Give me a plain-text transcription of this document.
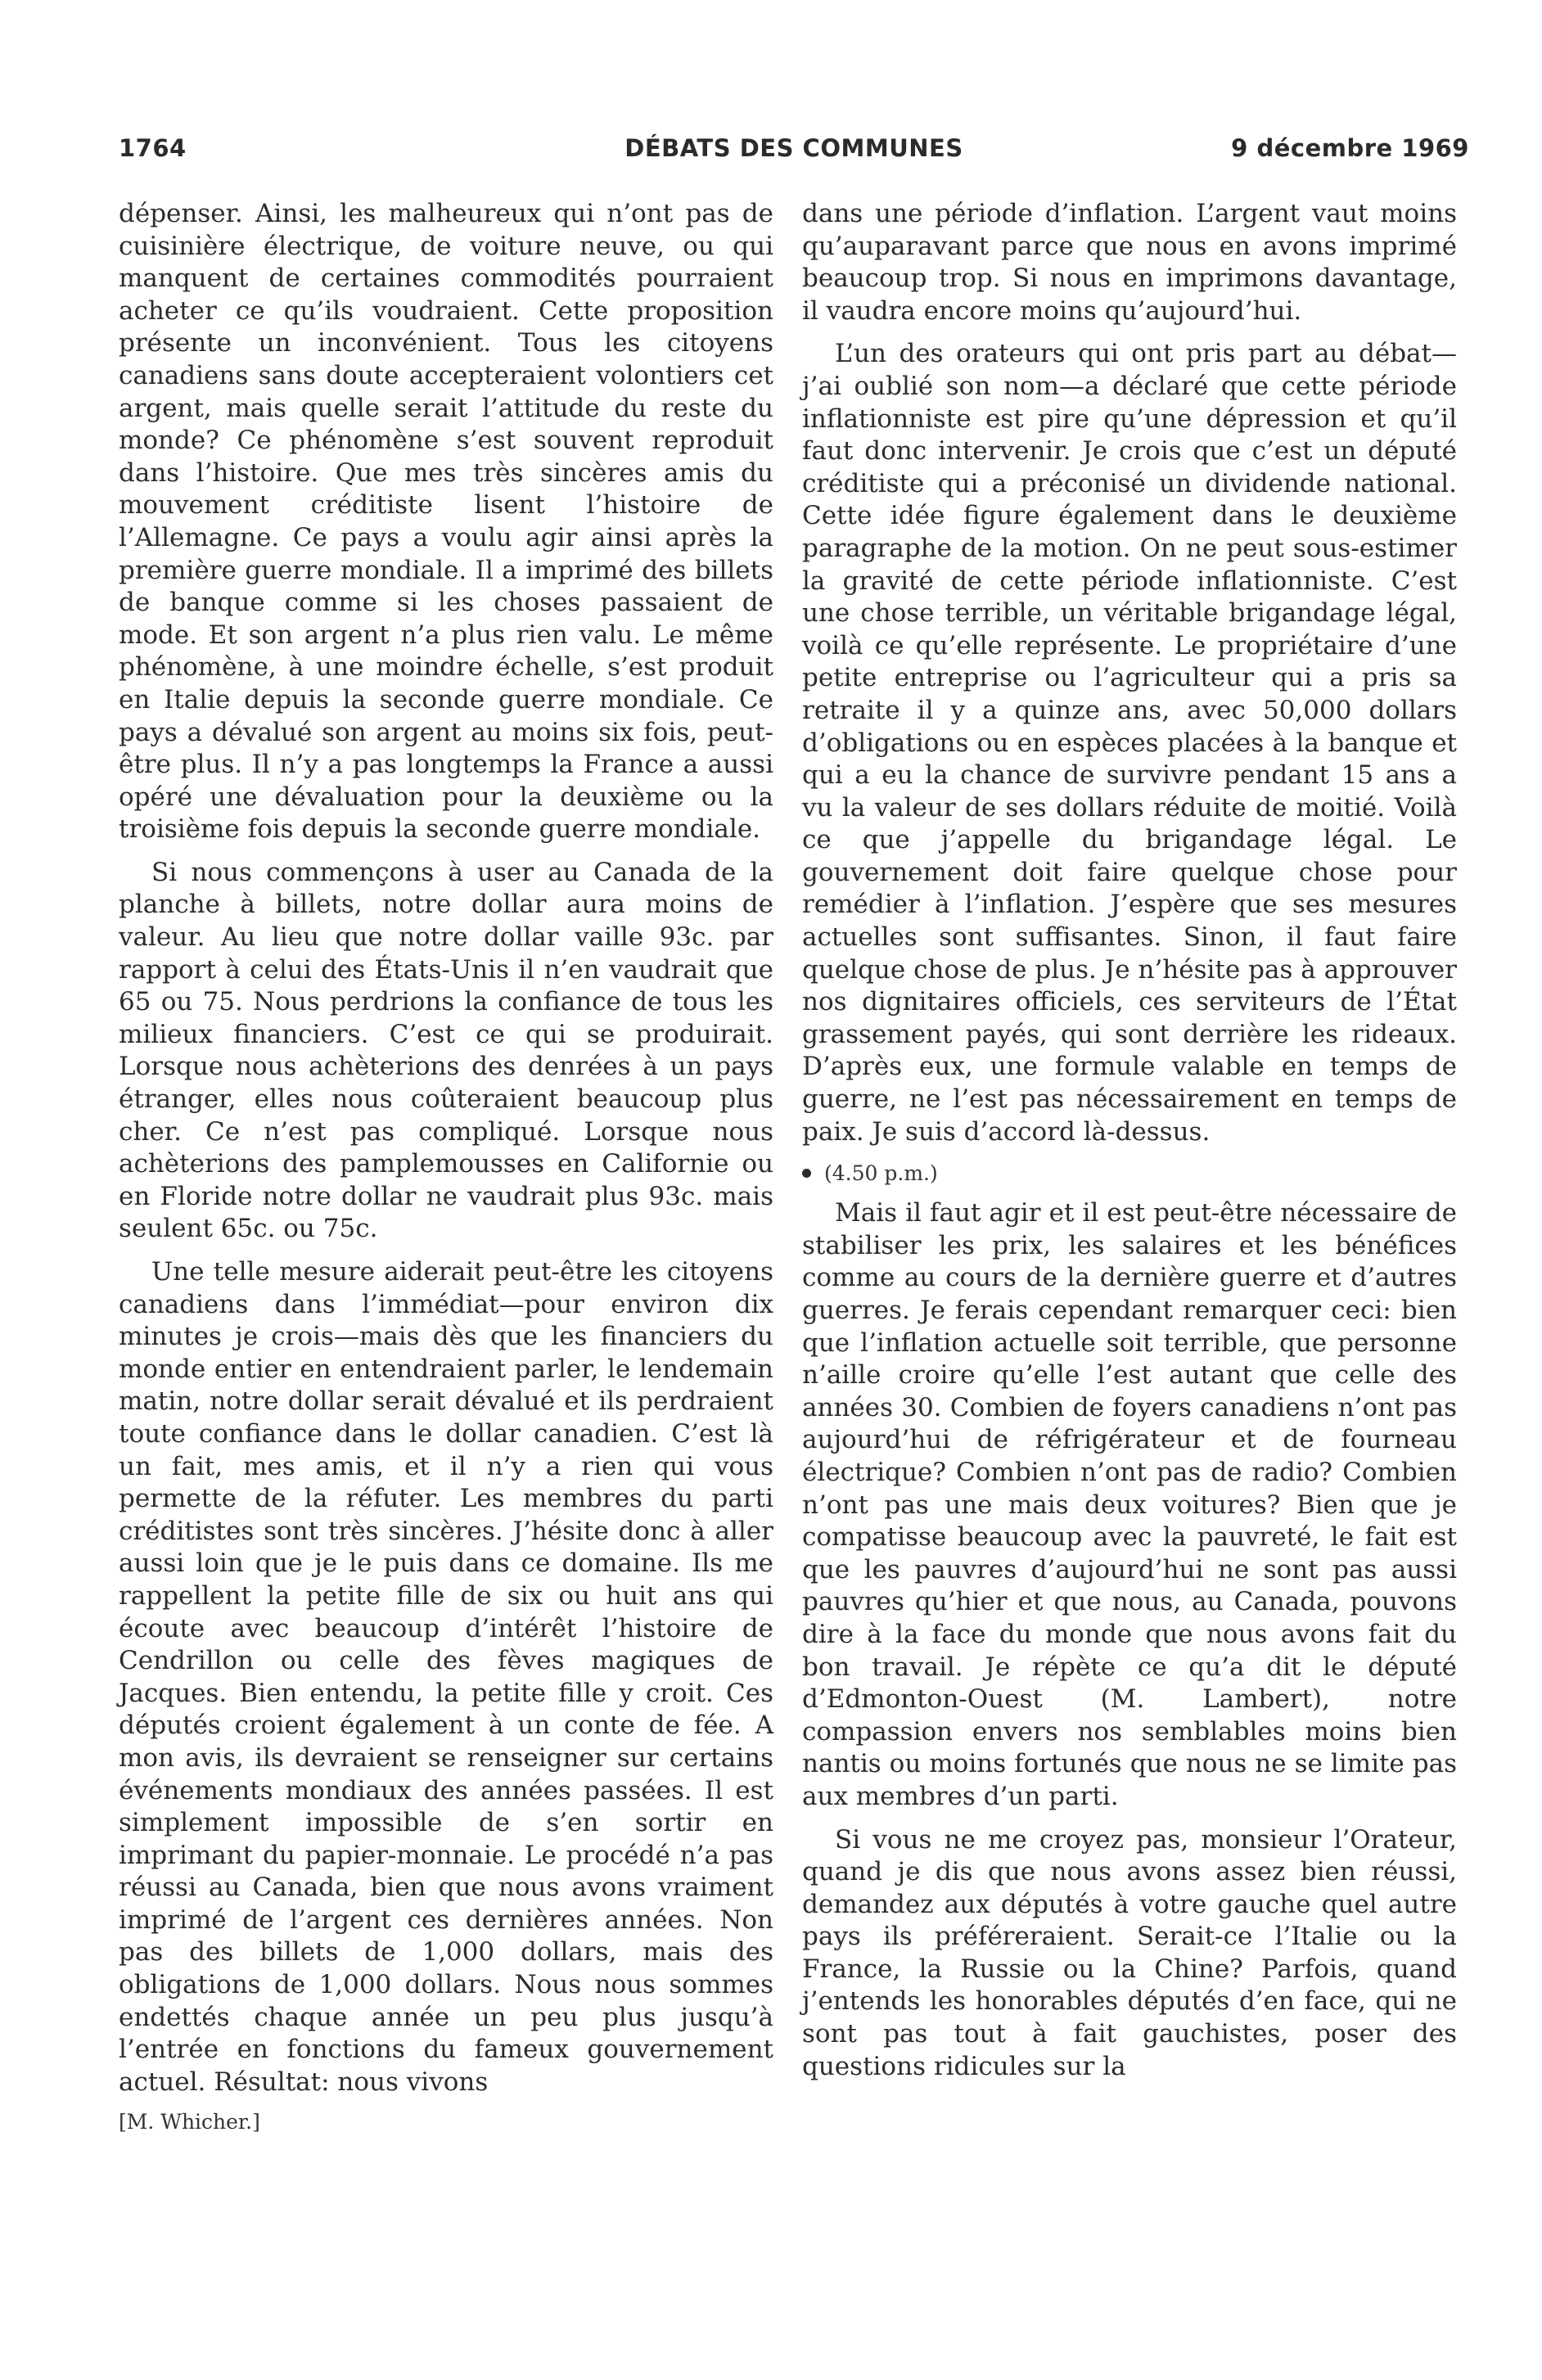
1764	DÉBATS DES COMMUNES	9 décembre 1969

dépenser. Ainsi, les malheureux qui n’ont pas de cuisinière électrique, de voiture neuve, ou qui manquent de certaines commodités pourraient acheter ce qu’ils voudraient. Cette proposition présente un inconvénient. Tous les citoyens canadiens sans doute accepteraient volontiers cet argent, mais quelle serait l’attitude du reste du monde? Ce phénomène s’est souvent reproduit dans l’histoire. Que mes très sincères amis du mouvement créditiste lisent l’histoire de l’Allemagne. Ce pays a voulu agir ainsi après la première guerre mondiale. Il a imprimé des billets de banque comme si les choses passaient de mode. Et son argent n’a plus rien valu. Le même phénomène, à une moindre échelle, s’est produit en Italie depuis la seconde guerre mondiale. Ce pays a dévalué son argent au moins six fois, peut-être plus. Il n’y a pas longtemps la France a aussi opéré une dévaluation pour la deuxième ou la troisième fois depuis la seconde guerre mondiale.

Si nous commençons à user au Canada de la planche à billets, notre dollar aura moins de valeur. Au lieu que notre dollar vaille 93c. par rapport à celui des États-Unis il n’en vaudrait que 65 ou 75. Nous perdrions la confiance de tous les milieux financiers. C’est ce qui se produirait. Lorsque nous achèterions des denrées à un pays étranger, elles nous coûteraient beaucoup plus cher. Ce n’est pas compliqué. Lorsque nous achèterions des pamplemousses en Californie ou en Floride notre dollar ne vaudrait plus 93c. mais seulent 65c. ou 75c.

Une telle mesure aiderait peut-être les citoyens canadiens dans l’immédiat—pour environ dix minutes je crois—mais dès que les financiers du monde entier en entendraient parler, le lendemain matin, notre dollar serait dévalué et ils perdraient toute confiance dans le dollar canadien. C’est là un fait, mes amis, et il n’y a rien qui vous permette de la réfuter. Les membres du parti créditistes sont très sincères. J’hésite donc à aller aussi loin que je le puis dans ce domaine. Ils me rappellent la petite fille de six ou huit ans qui écoute avec beaucoup d’intérêt l’histoire de Cendrillon ou celle des fèves magiques de Jacques. Bien entendu, la petite fille y croit. Ces députés croient également à un conte de fée. A mon avis, ils devraient se renseigner sur certains événements mondiaux des années passées. Il est simplement impossible de s’en sortir en imprimant du papier-monnaie. Le procédé n’a pas réussi au Canada, bien que nous avons vraiment imprimé de l’argent ces dernières années. Non pas des billets de 1,000 dollars, mais des obligations de 1,000 dollars. Nous nous sommes endettés chaque année un peu plus jusqu’à l’entrée en fonctions du fameux gouvernement actuel. Résultat: nous vivons

[M. Whicher.]

dans une période d’inflation. L’argent vaut moins qu’auparavant parce que nous en avons imprimé beaucoup trop. Si nous en imprimons davantage, il vaudra encore moins qu’aujourd’hui.

L’un des orateurs qui ont pris part au débat—j’ai oublié son nom—a déclaré que cette période inflationniste est pire qu’une dépression et qu’il faut donc intervenir. Je crois que c’est un député créditiste qui a préconisé un dividende national. Cette idée figure également dans le deuxième paragraphe de la motion. On ne peut sous-estimer la gravité de cette période inflationniste. C’est une chose terrible, un véritable brigandage légal, voilà ce qu’elle représente. Le propriétaire d’une petite entreprise ou l’agriculteur qui a pris sa retraite il y a quinze ans, avec 50,000 dollars d’obligations ou en espèces placées à la banque et qui a eu la chance de survivre pendant 15 ans a vu la valeur de ses dollars réduite de moitié. Voilà ce que j’appelle du brigandage légal. Le gouvernement doit faire quelque chose pour remédier à l’inflation. J’espère que ses mesures actuelles sont suffisantes. Sinon, il faut faire quelque chose de plus. Je n’hésite pas à approuver nos dignitaires officiels, ces serviteurs de l’État grassement payés, qui sont derrière les rideaux. D’après eux, une formule valable en temps de guerre, ne l’est pas nécessairement en temps de paix. Je suis d’accord là-dessus.

(4.50 p.m.)

Mais il faut agir et il est peut-être nécessaire de stabiliser les prix, les salaires et les bénéfices comme au cours de la dernière guerre et d’autres guerres. Je ferais cependant remarquer ceci: bien que l’inflation actuelle soit terrible, que personne n’aille croire qu’elle l’est autant que celle des années 30. Combien de foyers canadiens n’ont pas aujourd’hui de réfrigérateur et de fourneau électrique? Combien n’ont pas de radio? Combien n’ont pas une mais deux voitures? Bien que je compatisse beaucoup avec la pauvreté, le fait est que les pauvres d’aujourd’hui ne sont pas aussi pauvres qu’hier et que nous, au Canada, pouvons dire à la face du monde que nous avons fait du bon travail. Je répète ce qu’a dit le député d’Edmonton-Ouest (M. Lambert), notre compassion envers nos semblables moins bien nantis ou moins fortunés que nous ne se limite pas aux membres d’un parti.

Si vous ne me croyez pas, monsieur l’Orateur, quand je dis que nous avons assez bien réussi, demandez aux députés à votre gauche quel autre pays ils préféreraient. Serait-ce l’Italie ou la France, la Russie ou la Chine? Parfois, quand j’entends les honorables députés d’en face, qui ne sont pas tout à fait gauchistes, poser des questions ridicules sur la
